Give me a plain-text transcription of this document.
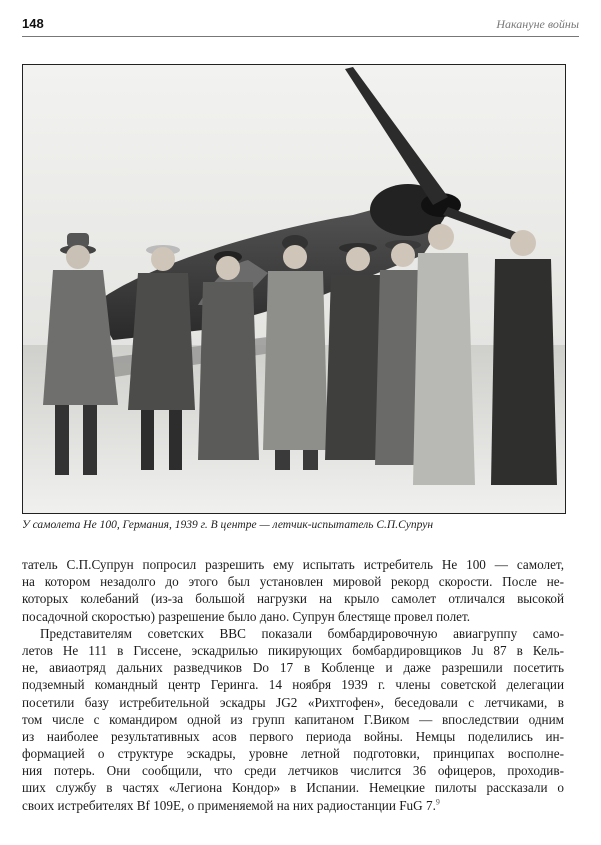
148	Накануне войны
У самолета Не 100, Германия, 1939 г. В центре — летчик-испытатель С.П.Супрун
татель С.П.Супрун попросил разрешить ему испытать истребитель Не 100 — самолет,
на котором незадолго до этого был установлен мировой рекорд скорости. После не-
которых колебаний (из-за большой нагрузки на крыло самолет отличался высокой
посадочной скоростью) разрешение было дано. Супрун блестяще провел полет.
Представителям советских ВВС показали бомбардировочную авиагруппу само-
летов Не 111 в Гиссене, эскадрилью пикирующих бомбардировщиков Ju 87 в Кель-
не, авиаотряд дальних разведчиков Do 17 в Кобленце и даже разрешили посетить
подземный командный центр Геринга. 14 ноября 1939 г. члены советской делегации
посетили базу истребительной эскадры JG2 «Рихтгофен», беседовали с летчиками, в
том числе с командиром одной из групп капитаном Г.Виком — впоследствии одним
из наиболее результативных асов первого периода войны. Немцы поделились ин-
формацией о структуре эскадры, уровне летной подготовки, принципах восполне-
ния потерь. Они сообщили, что среди летчиков числится 36 офицеров, проходив-
ших службу в частях «Легиона Кондор» в Испании. Немецкие пилоты рассказали о
своих истребителях Bf 109E, о применяемой на них радиостанции FuG 7.$^9$
